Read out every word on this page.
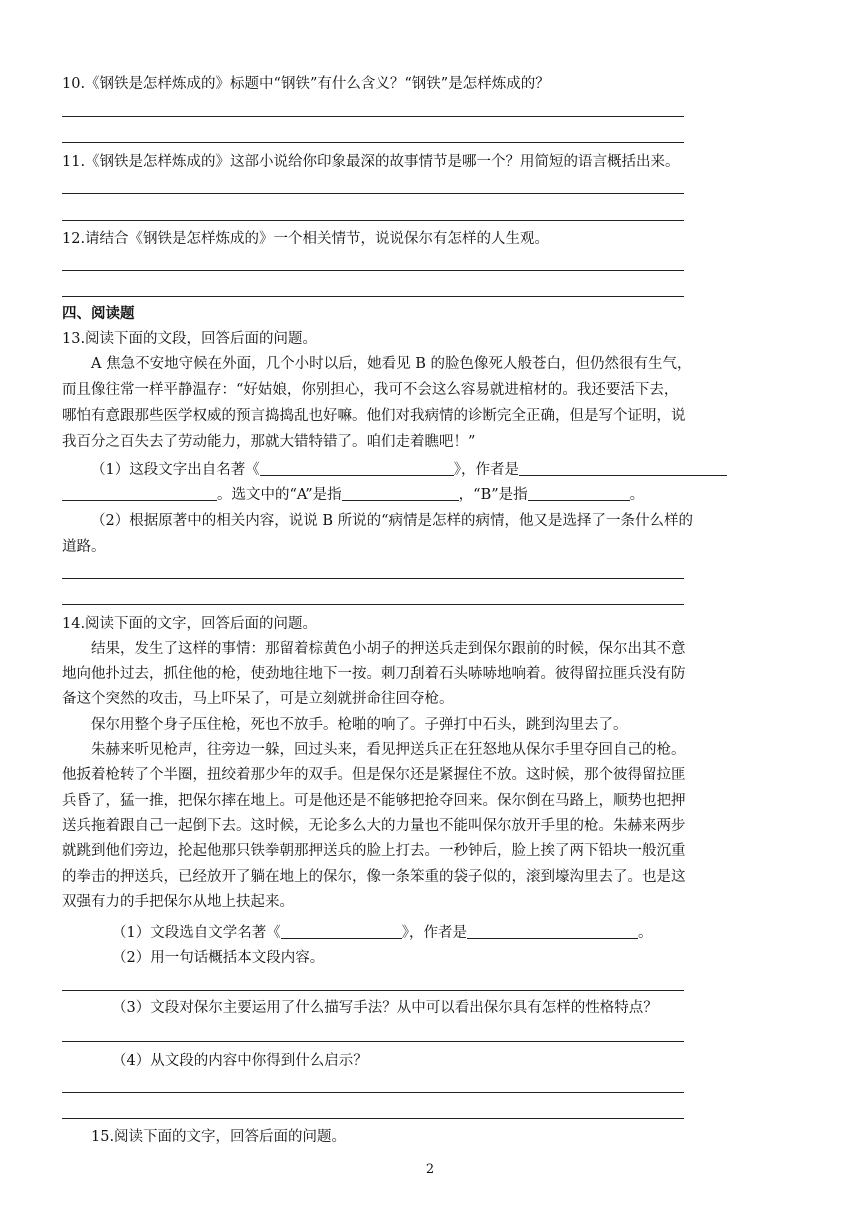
10.《钢铁是怎样炼成的》标题中“钢铁”有什么含义？“钢铁”是怎样炼成的？
11.《钢铁是怎样炼成的》这部小说给你印象最深的故事情节是哪一个？用简短的语言概括出来。
12.请结合《钢铁是怎样炼成的》一个相关情节，说说保尔有怎样的人生观。
四、阅读题
13.阅读下面的文段，回答后面的问题。
A 焦急不安地守候在外面，几个小时以后，她看见 B 的脸色像死人般苍白，但仍然很有生气，
而且像往常一样平静温存：“好姑娘，你别担心，我可不会这么容易就进棺材的。我还要活下去，
哪怕有意跟那些医学权威的预言捣捣乱也好嘛。他们对我病情的诊断完全正确，但是写个证明，说
我百分之百失去了劳动能力，那就大错特错了。咱们走着瞧吧！”
（1）这段文字出自名著《	》，作者是
。选文中的“A”是指	，“B”是指	。
（2）根据原著中的相关内容，说说 B 所说的“病情是怎样的病情，他又是选择了一条什么样的
道路。
14.阅读下面的文字，回答后面的问题。
结果，发生了这样的事情：那留着棕黄色小胡子的押送兵走到保尔跟前的时候，保尔出其不意
地向他扑过去，抓住他的枪，使劲地往地下一按。刺刀刮着石头哧哧地响着。彼得留拉匪兵没有防
备这个突然的攻击，马上吓呆了，可是立刻就拼命往回夺枪。
保尔用整个身子压住枪，死也不放手。枪啪的响了。子弹打中石头，跳到沟里去了。
朱赫来听见枪声，往旁边一躲，回过头来，看见押送兵正在狂怒地从保尔手里夺回自己的枪。
他扳着枪转了个半圈，扭绞着那少年的双手。但是保尔还是紧握住不放。这时候，那个彼得留拉匪
兵昏了，猛一推，把保尔摔在地上。可是他还是不能够把抢夺回来。保尔倒在马路上，顺势也把押
送兵拖着跟自己一起倒下去。这时候，无论多么大的力量也不能叫保尔放开手里的枪。朱赫来两步
就跳到他们旁边，抡起他那只铁拳朝那押送兵的脸上打去。一秒钟后，脸上挨了两下铅块一般沉重
的拳击的押送兵，已经放开了躺在地上的保尔，像一条笨重的袋子似的，滚到壕沟里去了。也是这
双强有力的手把保尔从地上扶起来。
（1）文段选自文学名著《	》，作者是	。
（2）用一句话概括本文段内容。
（3）文段对保尔主要运用了什么描写手法？从中可以看出保尔具有怎样的性格特点？
（4）从文段的内容中你得到什么启示？
15.阅读下面的文字，回答后面的问题。
2
